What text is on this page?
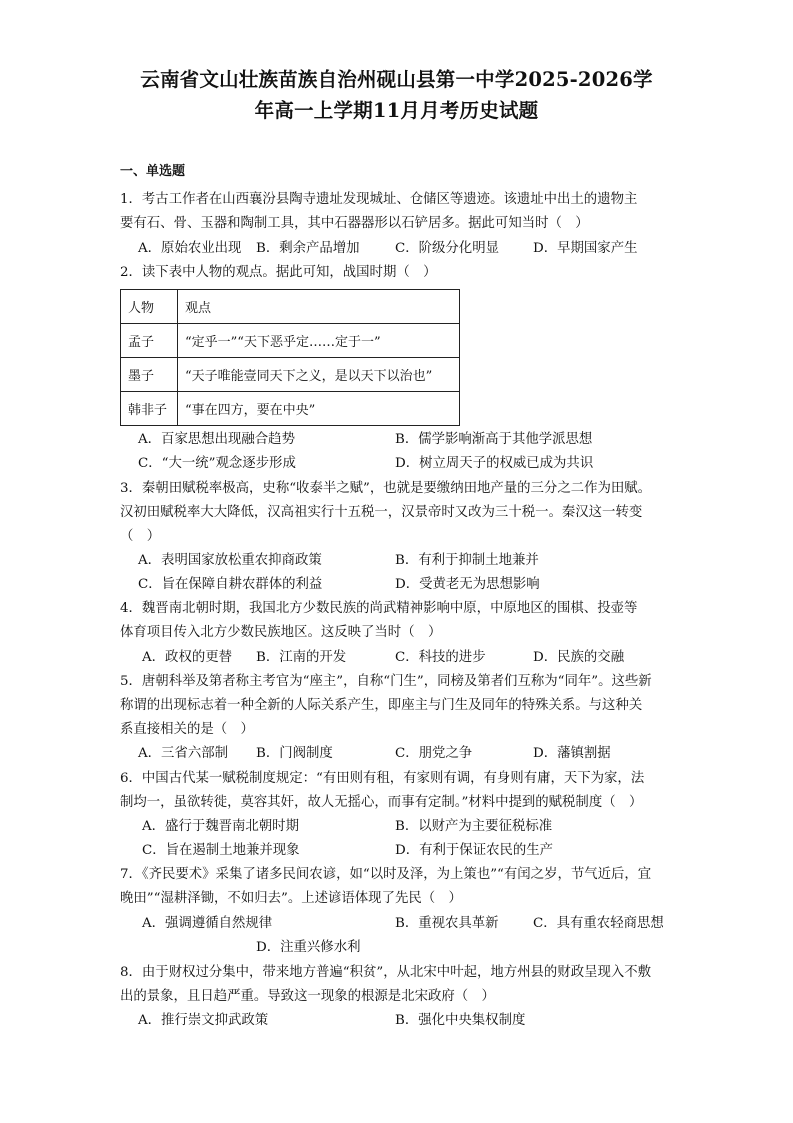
云南省文山壮族苗族自治州砚山县第一中学2025-2026学
年高一上学期11月月考历史试题
一、单选题
1．考古工作者在山西襄汾县陶寺遗址发现城址、仓储区等遗迹。该遗址中出土的遗物主
要有石、骨、玉器和陶制工具，其中石器器形以石铲居多。据此可知当时（　）
A．原始农业出现 B．剩余产品增加	C．阶级分化明显	D．早期国家产生
2．读下表中人物的观点。据此可知，战国时期（　）
人物	观点
孟子	“定乎一”“天下恶乎定……定于一”
墨子	“天子唯能壹同天下之义，是以天下以治也”
韩非子	“事在四方，要在中央”
A．百家思想出现融合趋势	B．儒学影响渐高于其他学派思想
C．“大一统”观念逐步形成	D．树立周天子的权威已成为共识
3．秦朝田赋税率极高，史称“收泰半之赋”，也就是要缴纳田地产量的三分之二作为田赋。
汉初田赋税率大大降低，汉高祖实行十五税一，汉景帝时又改为三十税一。秦汉这一转变
（　）
A．表明国家放松重农抑商政策	B．有利于抑制土地兼并
C．旨在保障自耕农群体的利益	D．受黄老无为思想影响
4．魏晋南北朝时期，我国北方少数民族的尚武精神影响中原，中原地区的围棋、投壶等
体育项目传入北方少数民族地区。这反映了当时（　）
A．政权的更替 B．江南的开发	C．科技的进步	D．民族的交融
5．唐朝科举及第者称主考官为“座主”，自称“门生”，同榜及第者们互称为“同年”。这些新
称谓的出现标志着一种全新的人际关系产生，即座主与门生及同年的特殊关系。与这种关
系直接相关的是（　）
A．三省六部制 B．门阀制度	C．朋党之争	D．藩镇割据
6．中国古代某一赋税制度规定：“有田则有租，有家则有调，有身则有庸，天下为家，法
制均一，虽欲转徙，莫容其奸，故人无摇心，而事有定制。”材料中提到的赋税制度（　）
A．盛行于魏晋南北朝时期	B．以财产为主要征税标准
C．旨在遏制土地兼并现象	D．有利于保证农民的生产
7．《齐民要术》采集了诸多民间农谚，如“以时及泽，为上策也”“有闰之岁，节气近后，宜
晚田”“湿耕泽锄，不如归去”。上述谚语体现了先民（　）
A．强调遵循自然规律	B．重视农具革新	C．具有重农轻商思想
D．注重兴修水利
8．由于财权过分集中，带来地方普遍“积贫”，从北宋中叶起，地方州县的财政呈现入不敷
出的景象，且日趋严重。导致这一现象的根源是北宋政府（　）
A．推行崇文抑武政策	B．强化中央集权制度
